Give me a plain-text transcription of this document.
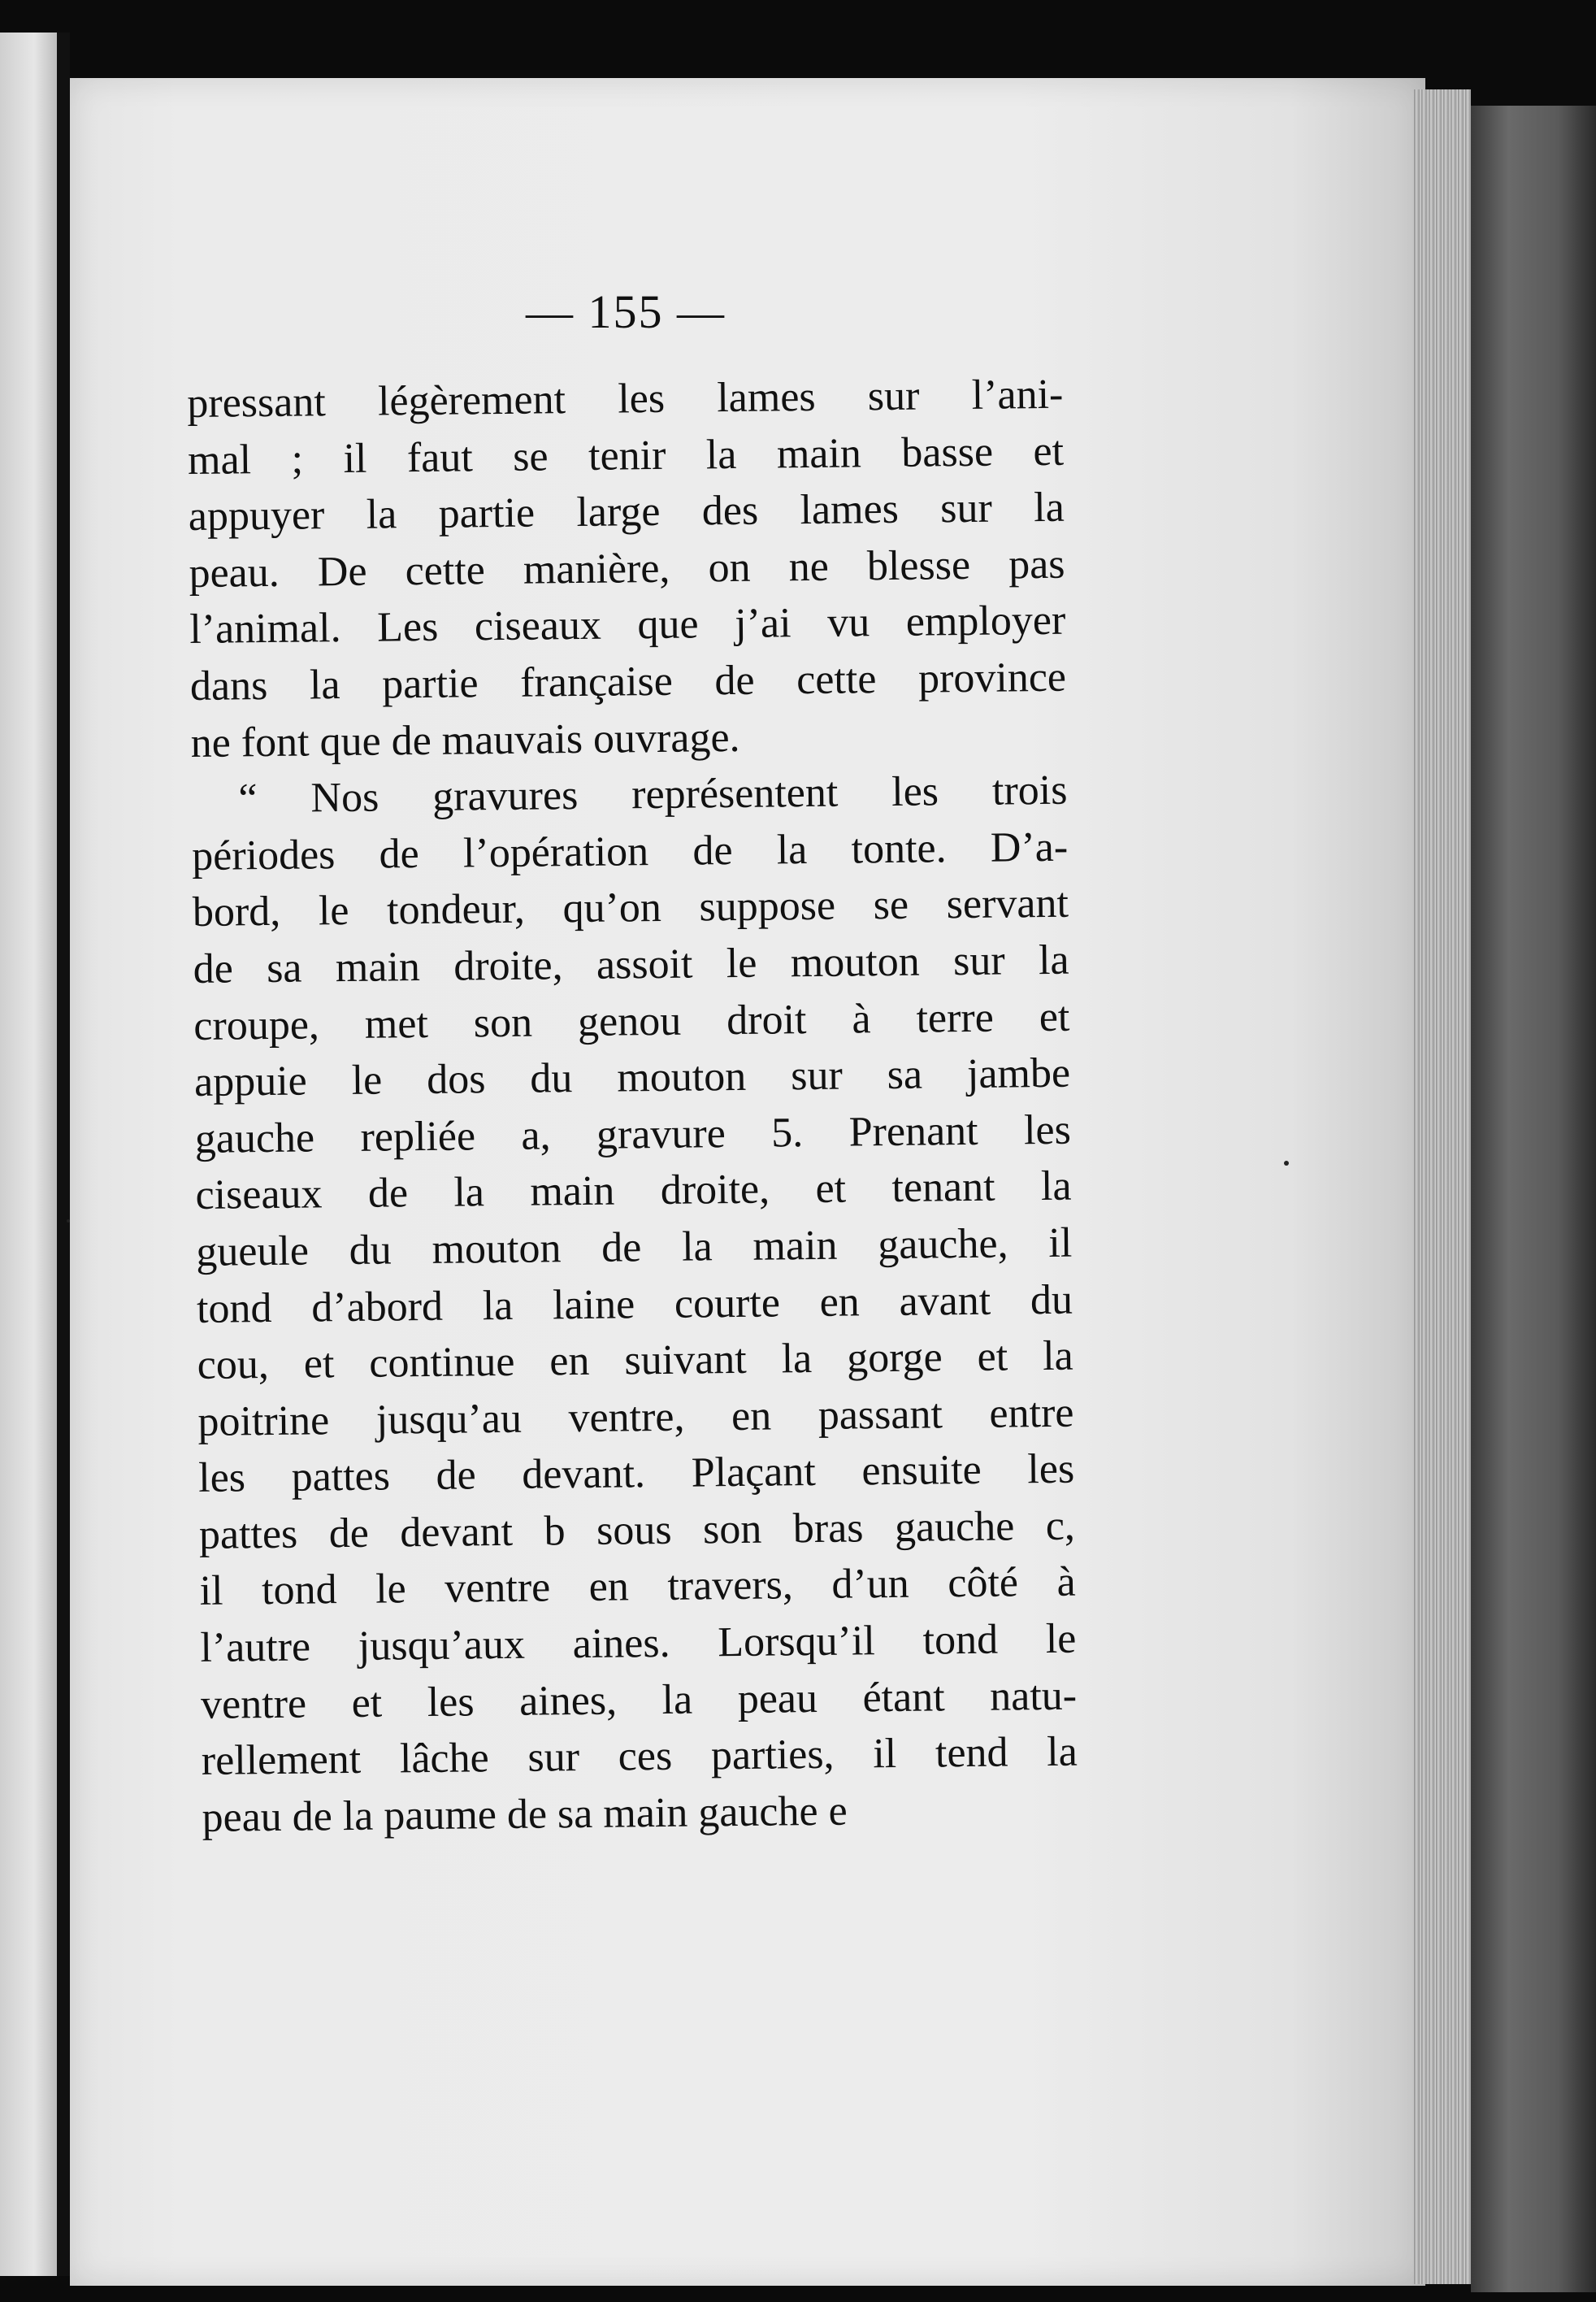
— 155 —
pressant légèrement les lames sur l’ani-
mal ; il faut se tenir la main basse et
appuyer la partie large des lames sur la
peau. De cette manière, on ne blesse pas
l’animal. Les ciseaux que j’ai vu employer
dans la partie française de cette province
ne font que de mauvais ouvrage.
“ Nos gravures représentent les trois
périodes de l’opération de la tonte. D’a-
bord, le tondeur, qu’on suppose se servant
de sa main droite, assoit le mouton sur la
croupe, met son genou droit à terre et
appuie le dos du mouton sur sa jambe
gauche repliée a, gravure 5. Prenant les
ciseaux de la main droite, et tenant la
gueule du mouton de la main gauche, il
tond d’abord la laine courte en avant du
cou, et continue en suivant la gorge et la
poitrine jusqu’au ventre, en passant entre
les pattes de devant. Plaçant ensuite les
pattes de devant b sous son bras gauche c,
il tond le ventre en travers, d’un côté à
l’autre jusqu’aux aines. Lorsqu’il tond le
ventre et les aines, la peau étant natu-
rellement lâche sur ces parties, il tend la
peau de la paume de sa main gauche e
